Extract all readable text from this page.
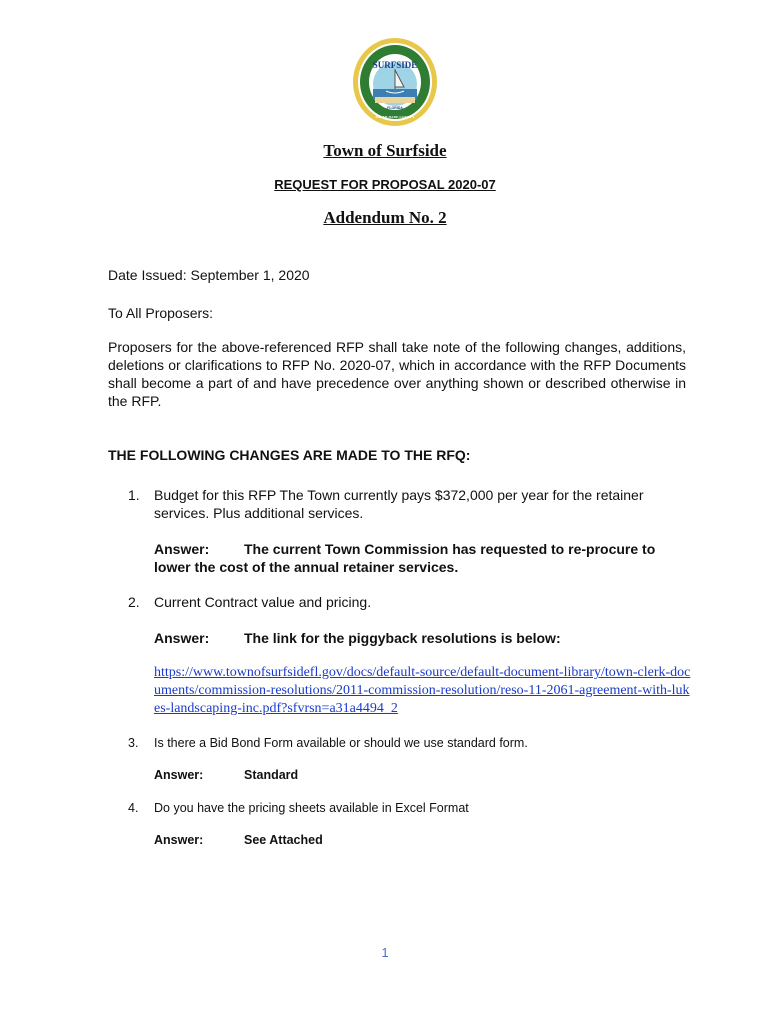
TOWN OF
SURFSIDE
FLORIDA
MIAMI-DADE COUNTY
Town of Surfside
REQUEST FOR PROPOSAL 2020-07
Addendum No. 2
Date Issued: September 1, 2020
To All Proposers:
Proposers for the above-referenced RFP shall take note of the following changes, additions, deletions or clarifications to RFP No. 2020-07, which in accordance with the RFP Documents shall become a part of and have precedence over anything shown or described otherwise in the RFP.
THE FOLLOWING CHANGES ARE MADE TO THE RFQ:
1. Budget for this RFP The Town currently pays $372,000 per year for the retainer services. Plus additional services.
Answer: The current Town Commission has requested to re-procure to lower the cost of the annual retainer services.
2. Current Contract value and pricing.
Answer: The link for the piggyback resolutions is below:
https://www.townofsurfsidefl.gov/docs/default-source/default-document-library/town-clerk-documents/commission-resolutions/2011-commission-resolution/reso-11-2061-agreement-with-lukes-landscaping-inc.pdf?sfvrsn=a31a4494_2
3. Is there a Bid Bond Form available or should we use standard form.
Answer:	Standard
4. Do you have the pricing sheets available in Excel Format
Answer:	See Attached
1
